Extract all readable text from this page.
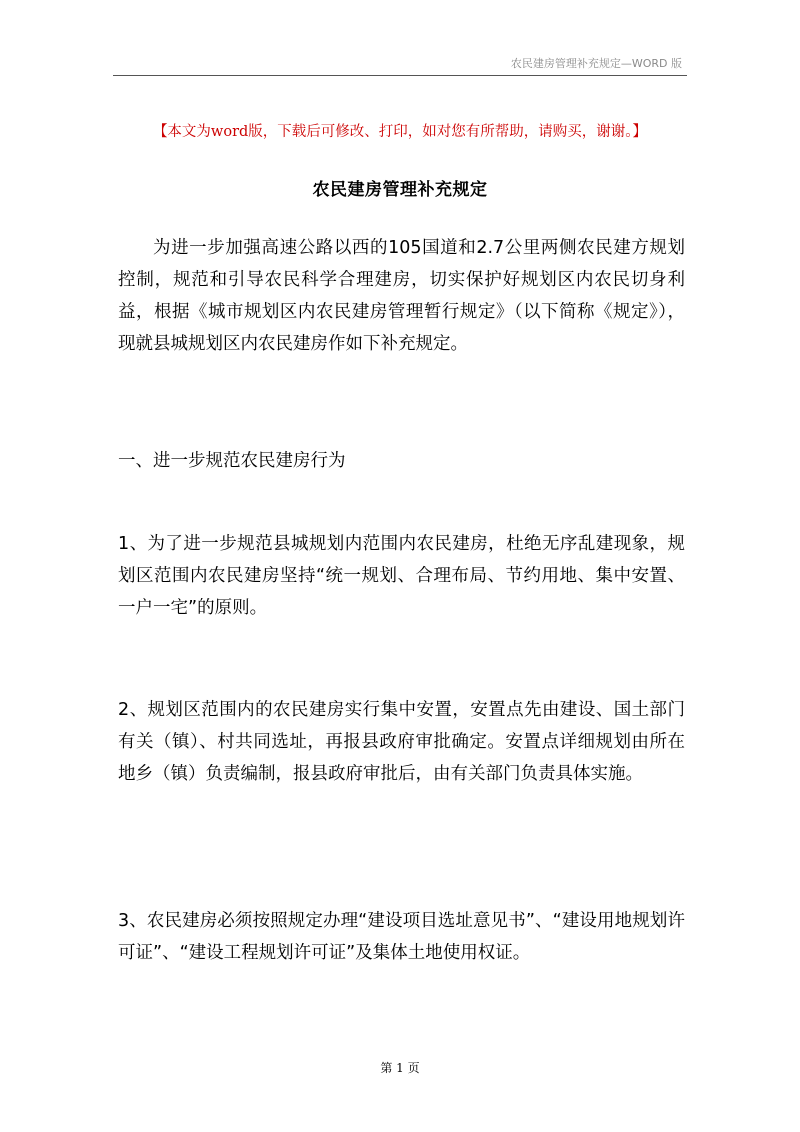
农民建房管理补充规定—WORD 版
【本文为word版，下载后可修改、打印，如对您有所帮助，请购买，谢谢。】
农民建房管理补充规定
为进一步加强高速公路以西的105国道和2.7公里两侧农民建方规划控制，规范和引导农民科学合理建房，切实保护好规划区内农民切身利益，根据《城市规划区内农民建房管理暂行规定》（以下简称《规定》），现就县城规划区内农民建房作如下补充规定。
一、进一步规范农民建房行为
1、为了进一步规范县城规划内范围内农民建房，杜绝无序乱建现象，规划区范围内农民建房坚持“统一规划、合理布局、节约用地、集中安置、一户一宅”的原则。
2、规划区范围内的农民建房实行集中安置，安置点先由建设、国土部门有关（镇）、村共同选址，再报县政府审批确定。安置点详细规划由所在地乡（镇）负责编制，报县政府审批后，由有关部门负责具体实施。
3、农民建房必须按照规定办理“建设项目选址意见书”、“建设用地规划许可证”、“建设工程规划许可证”及集体土地使用权证。
第 1 页
